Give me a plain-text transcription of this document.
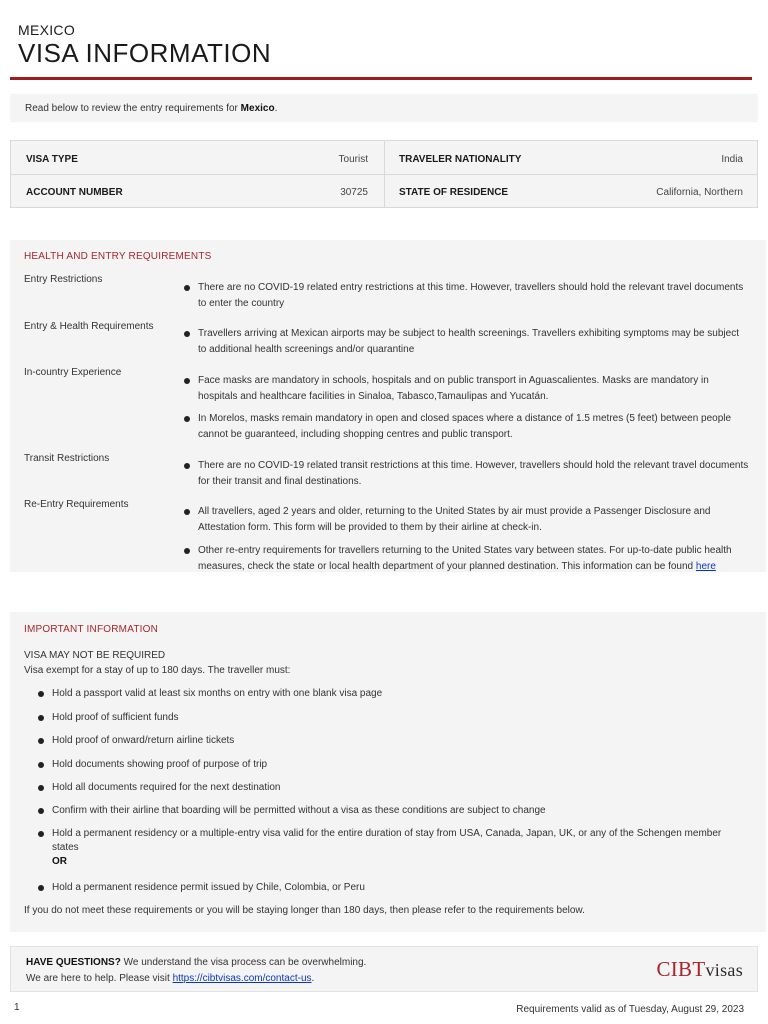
MEXICO
VISA INFORMATION
Read below to review the entry requirements for Mexico.
VISA TYPE	Tourist	TRAVELER NATIONALITY	India
ACCOUNT NUMBER	30725	STATE OF RESIDENCE	California, Northern
HEALTH AND ENTRY REQUIREMENTS
Entry Restrictions
There are no COVID-19 related entry restrictions at this time. However, travellers should hold the relevant travel documents to enter the country
Entry & Health Requirements
Travellers arriving at Mexican airports may be subject to health screenings. Travellers exhibiting symptoms may be subject to additional health screenings and/or quarantine
In-country Experience
Face masks are mandatory in schools, hospitals and on public transport in Aguascalientes. Masks are mandatory in hospitals and healthcare facilities in Sinaloa, Tabasco,Tamaulipas and Yucatán.
In Morelos, masks remain mandatory in open and closed spaces where a distance of 1.5 metres (5 feet) between people cannot be guaranteed, including shopping centres and public transport.
Transit Restrictions
There are no COVID-19 related transit restrictions at this time. However, travellers should hold the relevant travel documents for their transit and final destinations.
Re-Entry Requirements
All travellers, aged 2 years and older, returning to the United States by air must provide a Passenger Disclosure and Attestation form. This form will be provided to them by their airline at check-in.
Other re-entry requirements for travellers returning to the United States vary between states. For up-to-date public health measures, check the state or local health department of your planned destination. This information can be found here
IMPORTANT INFORMATION
VISA MAY NOT BE REQUIRED
Visa exempt for a stay of up to 180 days. The traveller must:
Hold a passport valid at least six months on entry with one blank visa page
Hold proof of sufficient funds
Hold proof of onward/return airline tickets
Hold documents showing proof of purpose of trip
Hold all documents required for the next destination
Confirm with their airline that boarding will be permitted without a visa as these conditions are subject to change
Hold a permanent residency or a multiple-entry visa valid for the entire duration of stay from USA, Canada, Japan, UK, or any of the Schengen member states
OR
Hold a permanent residence permit issued by Chile, Colombia, or Peru
If you do not meet these requirements or you will be staying longer than 180 days, then please refer to the requirements below.
HAVE QUESTIONS? We understand the visa process can be overwhelming.
We are here to help. Please visit https://cibtvisas.com/contact-us.	CIBTvisas
1	Requirements valid as of Tuesday, August 29, 2023
